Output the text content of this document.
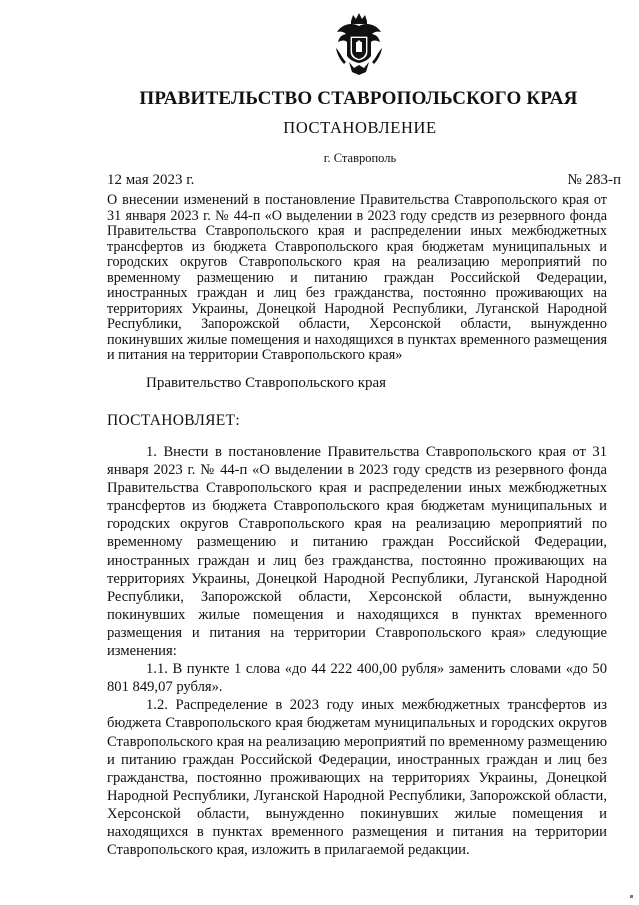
ПРАВИТЕЛЬСТВО СТАВРОПОЛЬСКОГО КРАЯ
ПОСТАНОВЛЕНИЕ
г. Ставрополь
12 мая 2023 г.	№ 283-п
О внесении изменений в постановление Правительства Ставропольского края от 31 января 2023 г. № 44-п «О выделении в 2023 году средств из резервного фонда Правительства Ставропольского края и распределении иных межбюджетных трансфертов из бюджета Ставропольского края бюджетам муниципальных и городских округов Ставропольского края на реализацию мероприятий по временному размещению и питанию граждан Российской Федерации, иностранных граждан и лиц без гражданства, постоянно проживающих на территориях Украины, Донецкой Народной Республики, Луганской Народной Республики, Запорожской области, Херсонской области, вынужденно покинувших жилые помещения и находящихся в пунктах временного размещения и питания на территории Ставропольского края»
Правительство Ставропольского края
ПОСТАНОВЛЯЕТ:

1. Внести в постановление Правительства Ставропольского края от 31 января 2023 г. № 44-п «О выделении в 2023 году средств из резервного фонда Правительства Ставропольского края и распределении иных межбюджетных трансфертов из бюджета Ставропольского края бюджетам муниципальных и городских округов Ставропольского края на реализацию мероприятий по временному размещению и питанию граждан Российской Федерации, иностранных граждан и лиц без гражданства, постоянно проживающих на территориях Украины, Донецкой Народной Республики, Луганской Народной Республики, Запорожской области, Херсонской области, вынужденно покинувших жилые помещения и находящихся в пунктах временного размещения и питания на территории Ставропольского края» следующие изменения:

1.1. В пункте 1 слова «до 44 222 400,00 рубля» заменить словами «до 50 801 849,07 рубля».

1.2. Распределение в 2023 году иных межбюджетных трансфертов из бюджета Ставропольского края бюджетам муниципальных и городских округов Ставропольского края на реализацию мероприятий по временному размещению и питанию граждан Российской Федерации, иностранных граждан и лиц без гражданства, постоянно проживающих на территориях Украины, Донецкой Народной Республики, Луганской Народной Республики, Запорожской области, Херсонской области, вынужденно покинувших жилые помещения и находящихся в пунктах временного размещения и питания на территории Ставропольского края, изложить в прилагаемой редакции.
